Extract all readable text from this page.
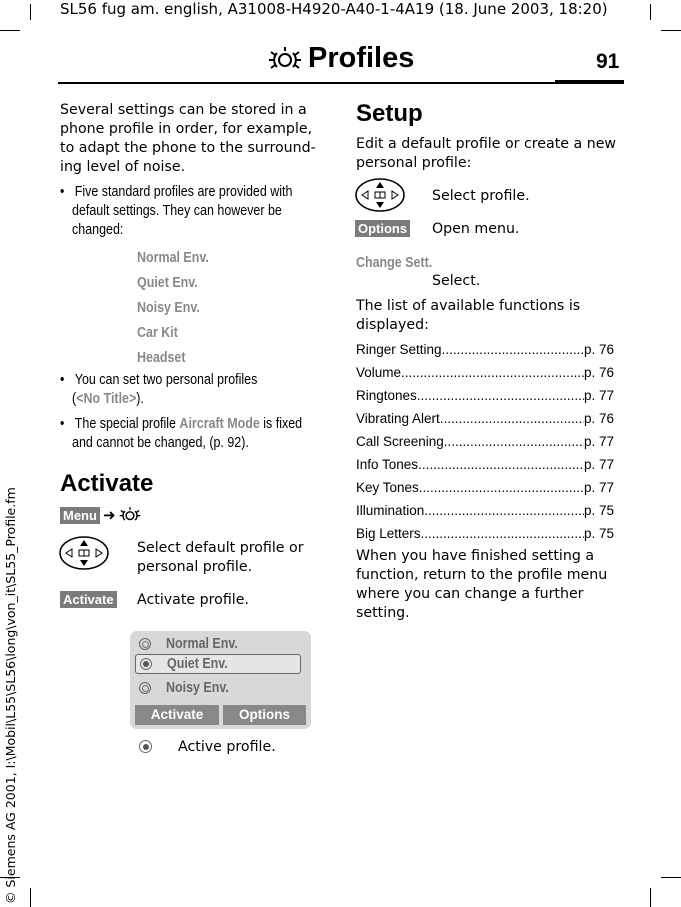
SL56 fug am. english, A31008-H4920-A40-1-4A19 (18. June 2003, 18:20)
© Siemens AG 2001, I:\Mobil\L55\SL56\long\von_it\SL55_Profile.fm
Profiles	91
Several settings can be stored in a
phone profile in order, for example,
to adapt the phone to the surround-
ing level of noise.
•   Five standard profiles are provided with
default settings. They can however be
changed:
Normal Env.
Quiet Env.
Noisy Env.
Car Kit
Headset
•   You can set two personal profiles
(<No Title>).
•   The special profile Aircraft Mode is fixed
and cannot be changed, (p. 92).
Activate
Menu ➜
Select default profile or
personal profile.
Activate Activate profile.
Normal Env.
Quiet Env.
Noisy Env.
Activate	Options
Active profile.
Setup
Edit a default profile or create a new
personal profile:
Select profile.
Options Open menu.
Change Sett.
Select.
The list of available functions is
displayed:
Ringer Setting .....	p. 76
Volume .....	p. 76
Ringtones .....	p. 77
Vibrating Alert .....	p. 76
Call Screening .....	p. 77
Info Tones .....	p. 77
Key Tones .....	p. 77
Illumination .....	p. 75
Big Letters .....	p. 75
When you have finished setting a
function, return to the profile menu
where you can change a further
setting.
